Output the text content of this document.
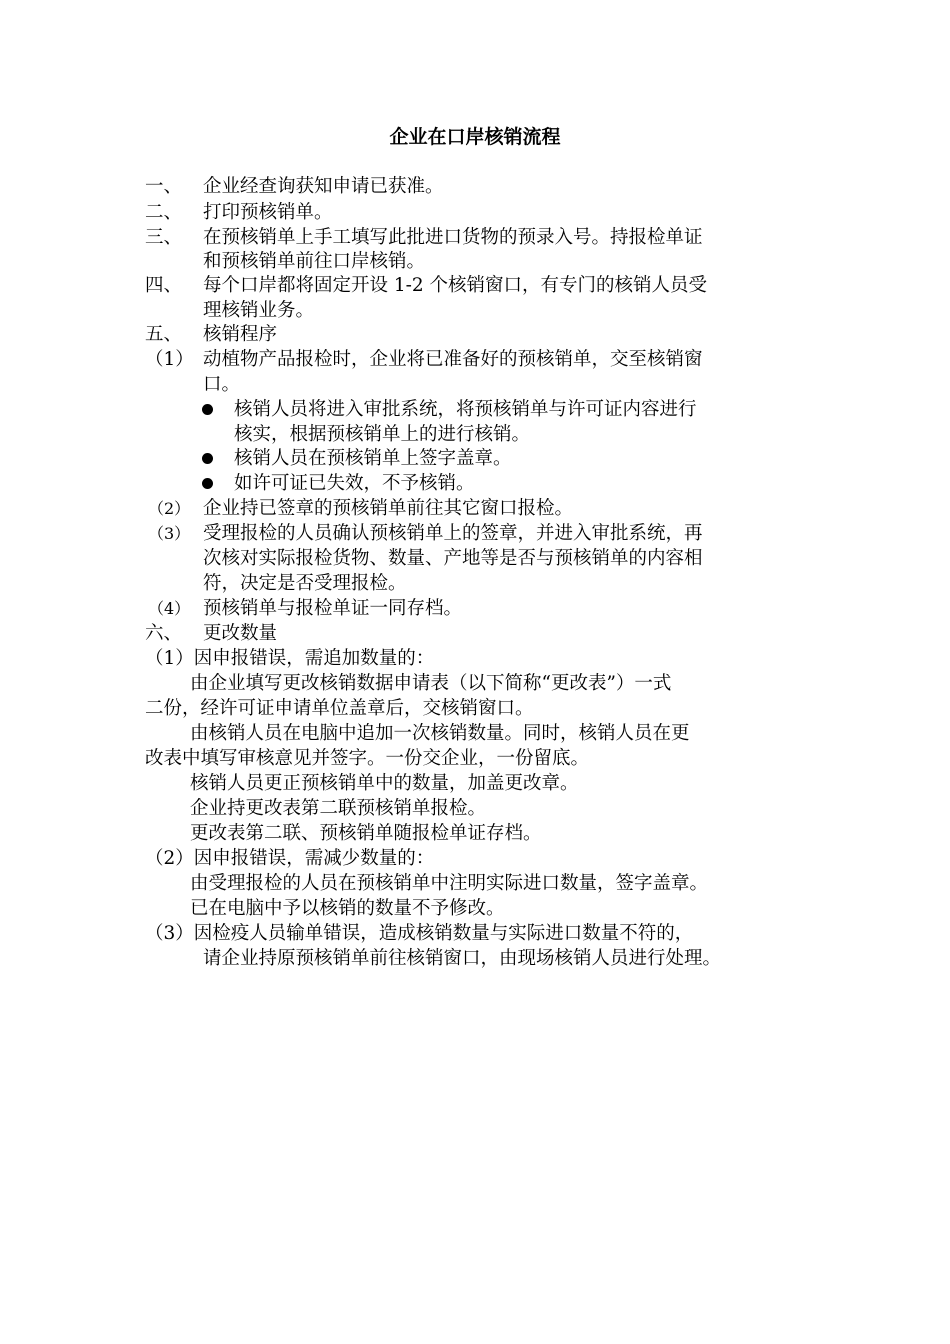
企业在口岸核销流程
一、 企业经查询获知申请已获准。
二、 打印预核销单。
三、 在预核销单上手工填写此批进口货物的预录入号。持报检单证
和预核销单前往口岸核销。
四、 每个口岸都将固定开设 1-2 个核销窗口，有专门的核销人员受
理核销业务。
五、 核销程序
（1） 动植物产品报检时，企业将已准备好的预核销单，交至核销窗
口。
核销人员将进入审批系统，将预核销单与许可证内容进行
核实，根据预核销单上的进行核销。
核销人员在预核销单上签字盖章。
如许可证已失效，不予核销。
（2） 企业持已签章的预核销单前往其它窗口报检。
（3） 受理报检的人员确认预核销单上的签章，并进入审批系统，再
次核对实际报检货物、数量、产地等是否与预核销单的内容相
符，决定是否受理报检。
（4） 预核销单与报检单证一同存档。
六、 更改数量
（1）因申报错误，需追加数量的：
由企业填写更改核销数据申请表（以下简称“更改表”）一式
二份，经许可证申请单位盖章后，交核销窗口。
由核销人员在电脑中追加一次核销数量。同时，核销人员在更
改表中填写审核意见并签字。一份交企业，一份留底。
核销人员更正预核销单中的数量，加盖更改章。
企业持更改表第二联预核销单报检。
更改表第二联、预核销单随报检单证存档。
（2）因申报错误，需减少数量的：
由受理报检的人员在预核销单中注明实际进口数量，签字盖章。
已在电脑中予以核销的数量不予修改。
（3）因检疫人员输单错误，造成核销数量与实际进口数量不符的，
请企业持原预核销单前往核销窗口，由现场核销人员进行处理。
